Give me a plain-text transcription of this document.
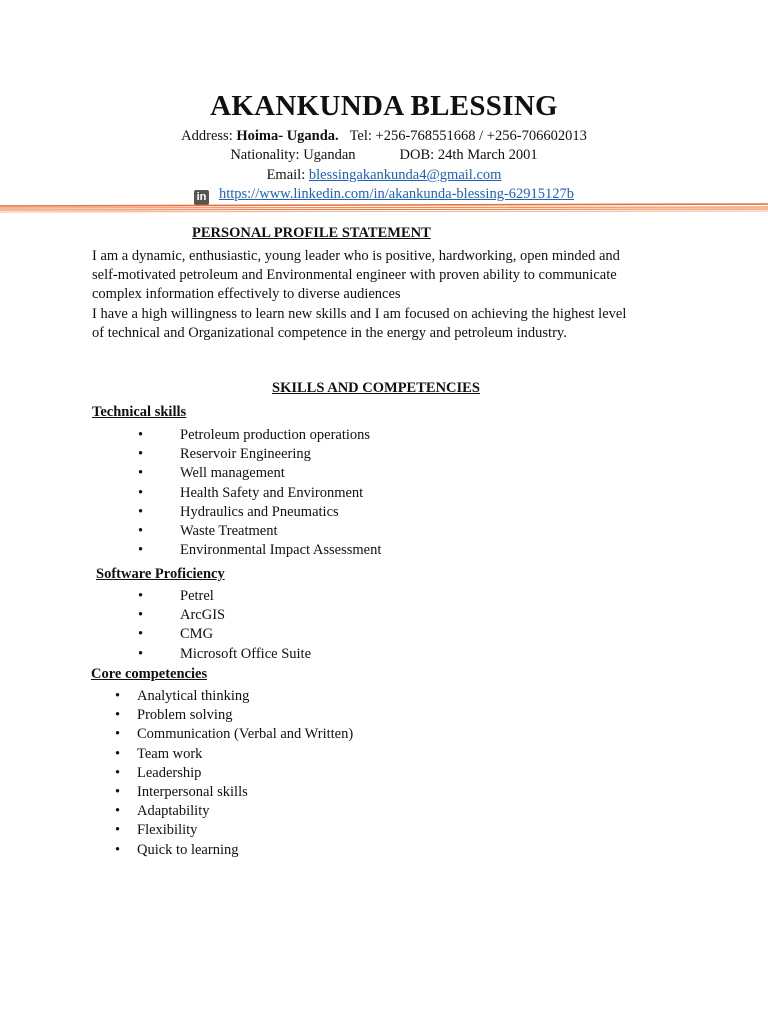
AKANKUNDA BLESSING
Address: Hoima- Uganda. Tel: +256-768551668 / +256-706602013
Nationality: Ugandan	DOB: 24th March 2001
Email: blessingakankunda4@gmail.com
in https://www.linkedin.com/in/akankunda-blessing-62915127b
PERSONAL PROFILE STATEMENT
I am a dynamic, enthusiastic, young leader who is positive, hardworking, open minded and
self-motivated petroleum and Environmental engineer with proven ability to communicate
complex information effectively to diverse audiences
I have a high willingness to learn new skills and I am focused on achieving the highest level
of technical and Organizational competence in the energy and petroleum industry.
SKILLS AND COMPETENCIES
Technical skills
•	Petroleum production operations
•	Reservoir Engineering
•	Well management
•	Health Safety and Environment
•	Hydraulics and Pneumatics
•	Waste Treatment
•	Environmental Impact Assessment
Software Proficiency
•	Petrel
•	ArcGIS
•	CMG
•	Microsoft Office Suite
Core competencies
• Analytical thinking
• Problem solving
• Communication (Verbal and Written)
• Team work
• Leadership
• Interpersonal skills
• Adaptability
• Flexibility
• Quick to learning
